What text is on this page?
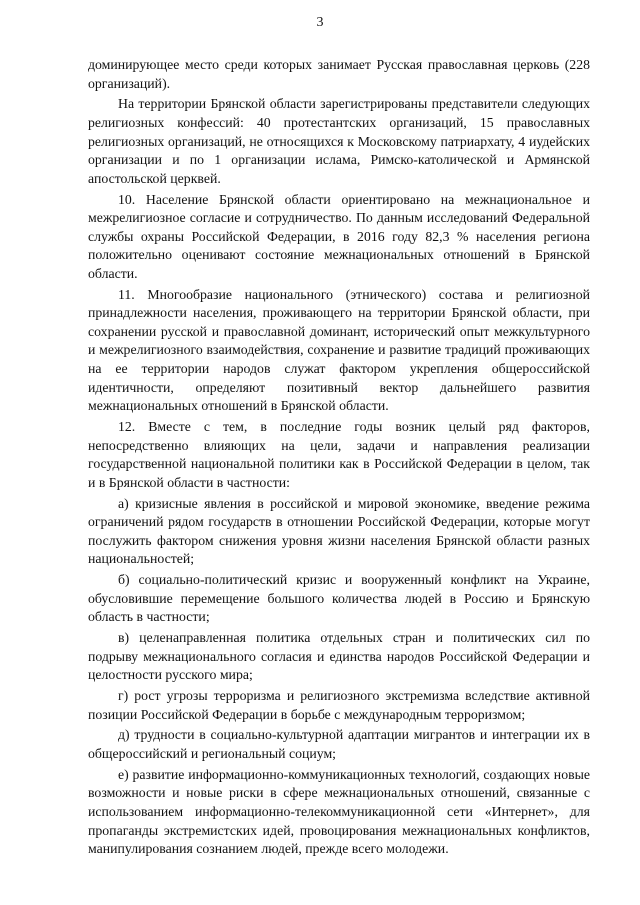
3

доминирующее место среди которых занимает Русская православная церковь (228 организаций).

На территории Брянской области зарегистрированы представители следующих религиозных конфессий: 40 протестантских организаций, 15 православных религиозных организаций, не относящихся к Московскому патриархату, 4 иудейских организации и по 1 организации ислама, Римско-католической и Армянской апостольской церквей.

10. Население Брянской области ориентировано на межнациональное и межрелигиозное согласие и сотрудничество. По данным исследований Федеральной службы охраны Российской Федерации, в 2016 году 82,3 % населения региона положительно оценивают состояние межнациональных отношений в Брянской области.

11. Многообразие национального (этнического) состава и религиозной принадлежности населения, проживающего на территории Брянской области, при сохранении русской и православной доминант, исторический опыт межкультурного и межрелигиозного взаимодействия, сохранение и развитие традиций проживающих на ее территории народов служат фактором укрепления общероссийской идентичности, определяют позитивный вектор дальнейшего развития межнациональных отношений в Брянской области.

12. Вместе с тем, в последние годы возник целый ряд факторов, непосредственно влияющих на цели, задачи и направления реализации государственной национальной политики как в Российской Федерации в целом, так и в Брянской области в частности:

а) кризисные явления в российской и мировой экономике, введение режима ограничений рядом государств в отношении Российской Федерации, которые могут послужить фактором снижения уровня жизни населения Брянской области разных национальностей;

б) социально-политический кризис и вооруженный конфликт на Украине, обусловившие перемещение большого количества людей в Россию и Брянскую область в частности;

в) целенаправленная политика отдельных стран и политических сил по подрыву межнационального согласия и единства народов Российской Федерации и целостности русского мира;

г) рост угрозы терроризма и религиозного экстремизма вследствие активной позиции Российской Федерации в борьбе с международным терроризмом;

д) трудности в социально-культурной адаптации мигрантов и интеграции их в общероссийский и региональный социум;

е) развитие информационно-коммуникационных технологий, создающих новые возможности и новые риски в сфере межнациональных отношений, связанные с использованием информационно-телекоммуникационной сети «Интернет», для пропаганды экстремистских идей, провоцирования межнациональных конфликтов, манипулирования сознанием людей, прежде всего молодежи.
